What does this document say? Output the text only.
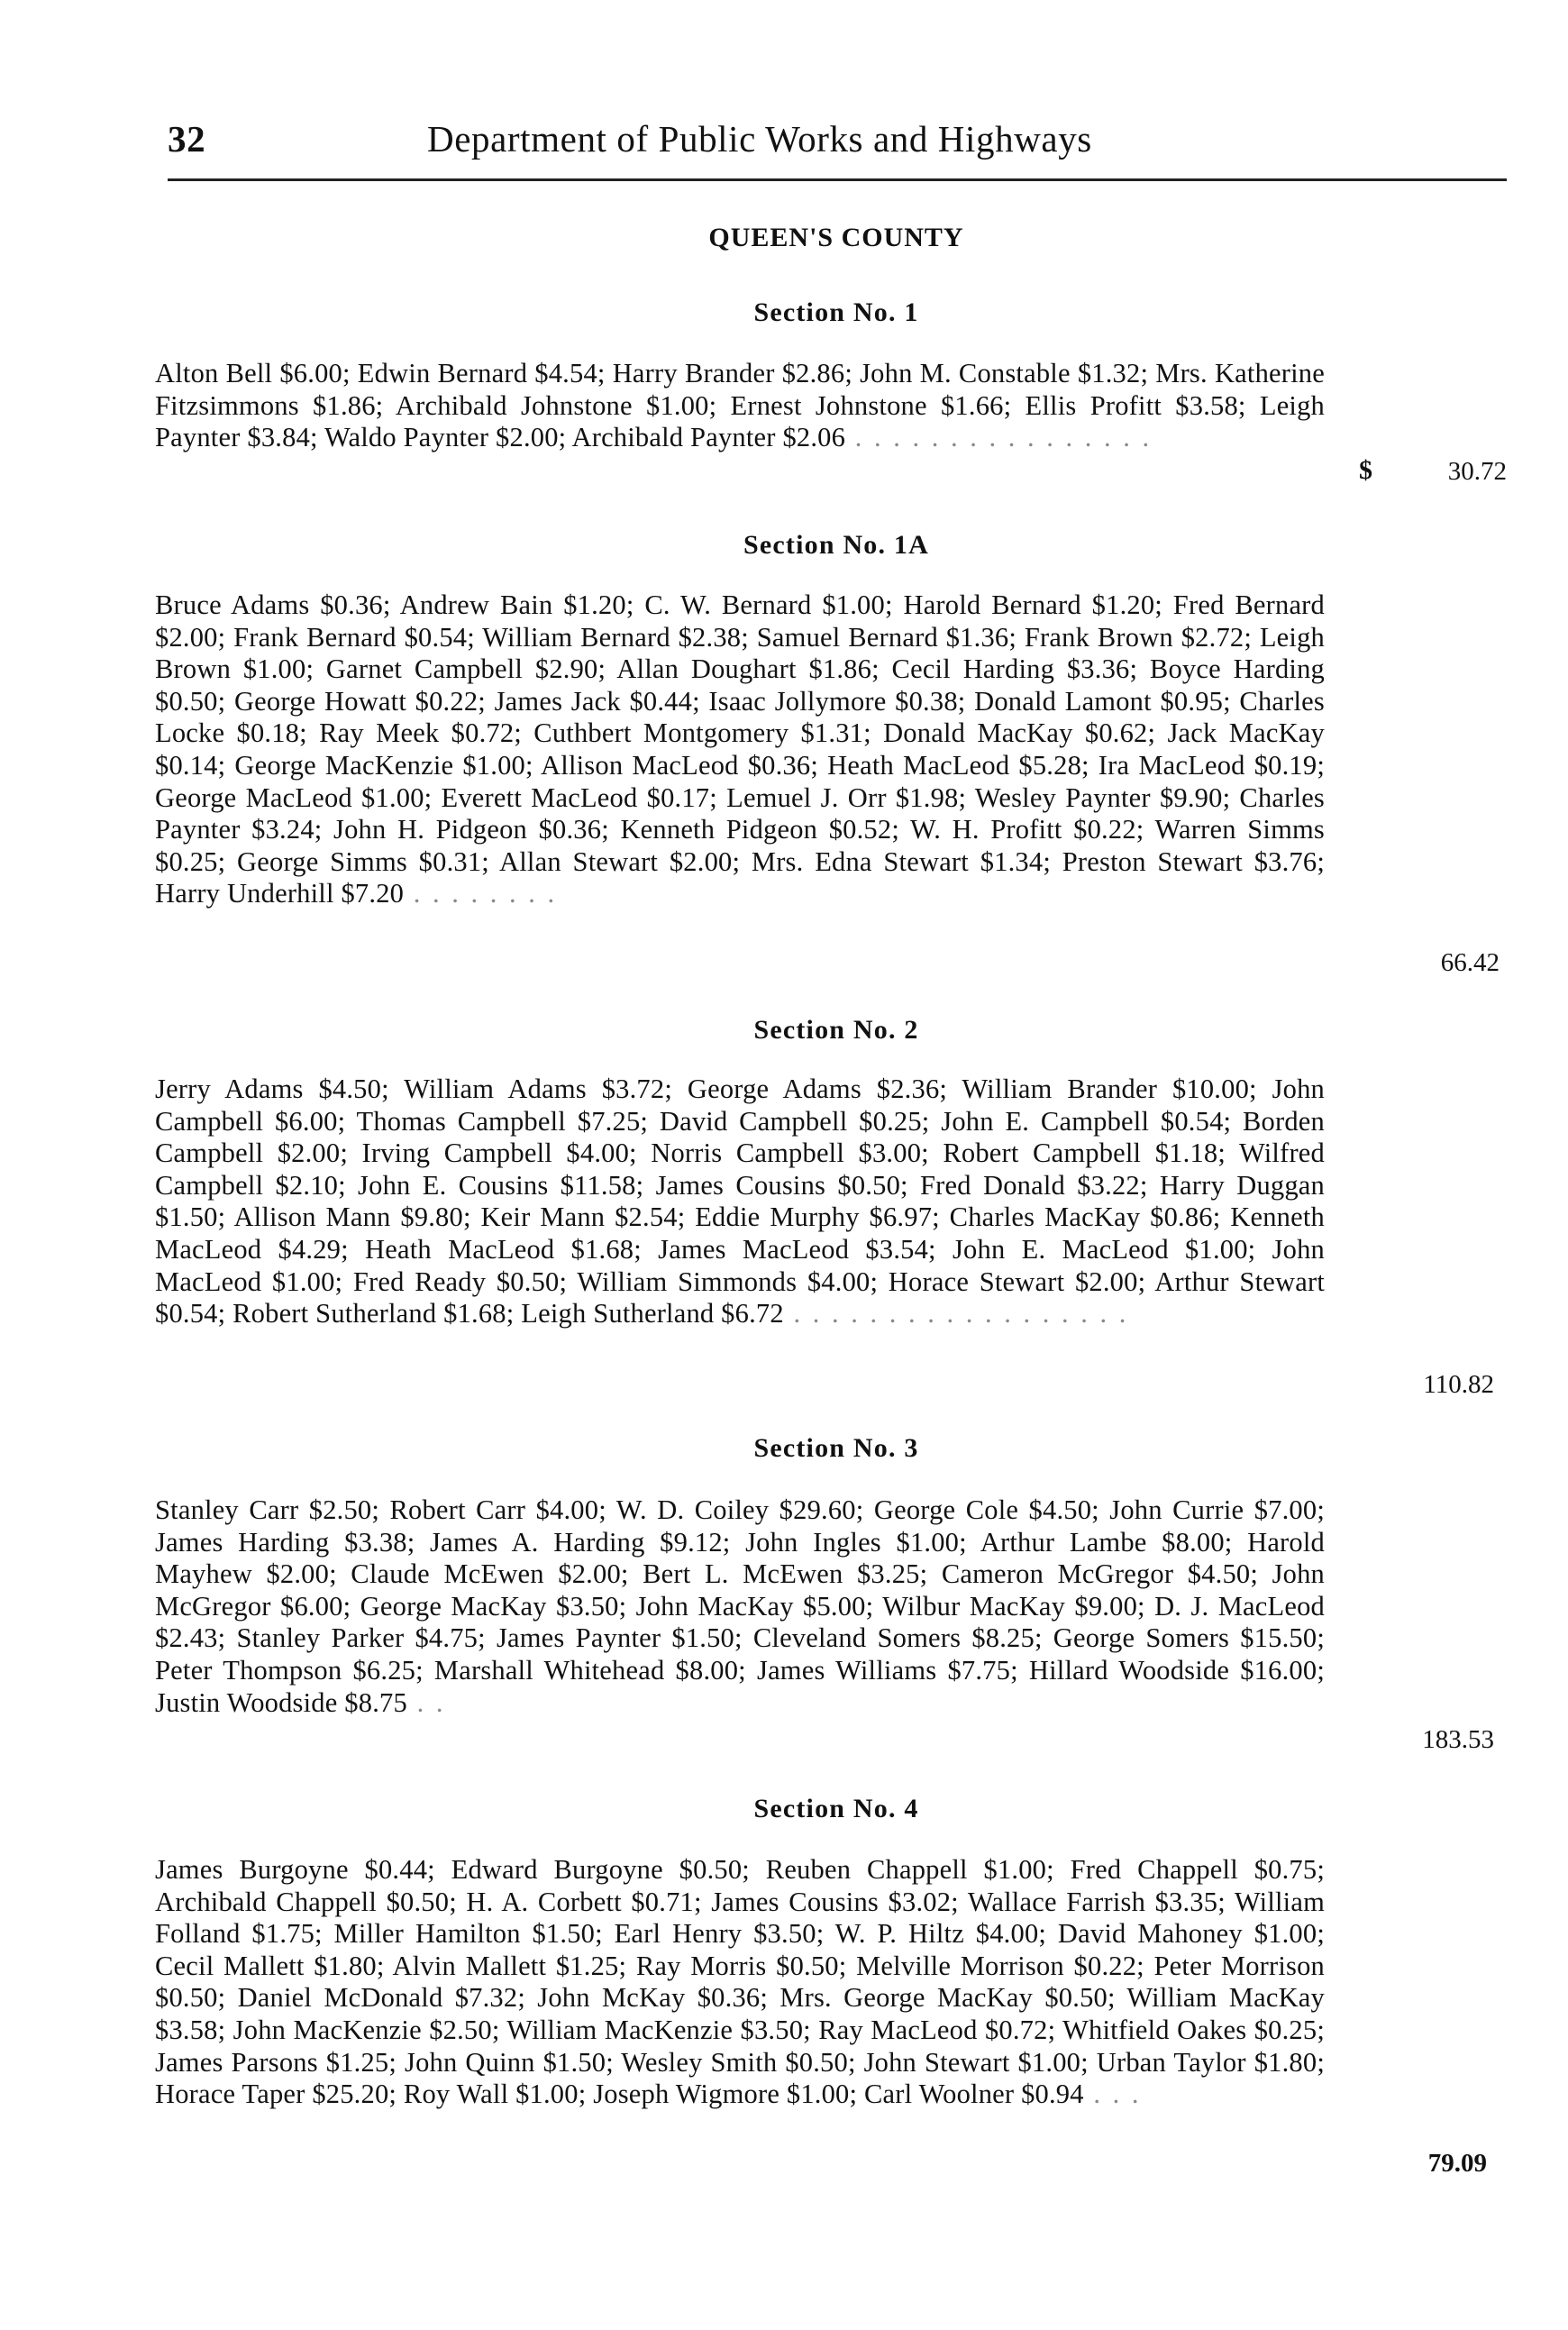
32	Department of Public Works and Highways
QUEEN'S COUNTY
Section No. 1
Alton Bell $6.00; Edwin Bernard $4.54; Harry Brander $2.86; John M. Constable $1.32; Mrs. Katherine Fitzsimmons $1.86; Archibald Johnstone $1.00; Ernest Johnstone $1.66; Ellis Profitt $3.58; Leigh Paynter $3.84; Waldo Paynter $2.00; Archibald Paynter $2.06 . . . . . . . . . . . . . . . .
$	30.72
Section No. 1A
Bruce Adams $0.36; Andrew Bain $1.20; C. W. Bernard $1.00; Harold Bernard $1.20; Fred Bernard $2.00; Frank Bernard $0.54; William Bernard $2.38; Samuel Bernard $1.36; Frank Brown $2.72; Leigh Brown $1.00; Garnet Campbell $2.90; Allan Doughart $1.86; Cecil Harding $3.36; Boyce Harding $0.50; George Howatt $0.22; James Jack $0.44; Isaac Jollymore $0.38; Donald Lamont $0.95; Charles Locke $0.18; Ray Meek $0.72; Cuthbert Montgomery $1.31; Donald MacKay $0.62; Jack MacKay $0.14; George MacKenzie $1.00; Allison MacLeod $0.36; Heath MacLeod $5.28; Ira MacLeod $0.19; George MacLeod $1.00; Everett MacLeod $0.17; Lemuel J. Orr $1.98; Wesley Paynter $9.90; Charles Paynter $3.24; John H. Pidgeon $0.36; Kenneth Pidgeon $0.52; W. H. Profitt $0.22; Warren Simms $0.25; George Simms $0.31; Allan Stewart $2.00; Mrs. Edna Stewart $1.34; Preston Stewart $3.76; Harry Underhill $7.20 . . . . . . . .
66.42
Section No. 2
Jerry Adams $4.50; William Adams $3.72; George Adams $2.36; William Brander $10.00; John Campbell $6.00; Thomas Campbell $7.25; David Campbell $0.25; John E. Campbell $0.54; Borden Campbell $2.00; Irving Campbell $4.00; Norris Campbell $3.00; Robert Campbell $1.18; Wilfred Campbell $2.10; John E. Cousins $11.58; James Cousins $0.50; Fred Donald $3.22; Harry Duggan $1.50; Allison Mann $9.80; Keir Mann $2.54; Eddie Murphy $6.97; Charles MacKay $0.86; Kenneth MacLeod $4.29; Heath MacLeod $1.68; James MacLeod $3.54; John E. MacLeod $1.00; John MacLeod $1.00; Fred Ready $0.50; William Simmonds $4.00; Horace Stewart $2.00; Arthur Stewart $0.54; Robert Sutherland $1.68; Leigh Sutherland $6.72 . . . . . . . . . . . . . . . . . .
110.82
Section No. 3
Stanley Carr $2.50; Robert Carr $4.00; W. D. Coiley $29.60; George Cole $4.50; John Currie $7.00; James Harding $3.38; James A. Harding $9.12; John Ingles $1.00; Arthur Lambe $8.00; Harold Mayhew $2.00; Claude McEwen $2.00; Bert L. McEwen $3.25; Cameron McGregor $4.50; John McGregor $6.00; George MacKay $3.50; John MacKay $5.00; Wilbur MacKay $9.00; D. J. MacLeod $2.43; Stanley Parker $4.75; James Paynter $1.50; Cleveland Somers $8.25; George Somers $15.50; Peter Thompson $6.25; Marshall Whitehead $8.00; James Williams $7.75; Hillard Woodside $16.00; Justin Woodside $8.75 . .
183.53
Section No. 4
James Burgoyne $0.44; Edward Burgoyne $0.50; Reuben Chappell $1.00; Fred Chappell $0.75; Archibald Chappell $0.50; H. A. Corbett $0.71; James Cousins $3.02; Wallace Farrish $3.35; William Folland $1.75; Miller Hamilton $1.50; Earl Henry $3.50; W. P. Hiltz $4.00; David Mahoney $1.00; Cecil Mallett $1.80; Alvin Mallett $1.25; Ray Morris $0.50; Melville Morrison $0.22; Peter Morrison $0.50; Daniel McDonald $7.32; John McKay $0.36; Mrs. George MacKay $0.50; William MacKay $3.58; John MacKenzie $2.50; William MacKenzie $3.50; Ray MacLeod $0.72; Whitfield Oakes $0.25; James Parsons $1.25; John Quinn $1.50; Wesley Smith $0.50; John Stewart $1.00; Urban Taylor $1.80; Horace Taper $25.20; Roy Wall $1.00; Joseph Wigmore $1.00; Carl Woolner $0.94 . . .
79.09
